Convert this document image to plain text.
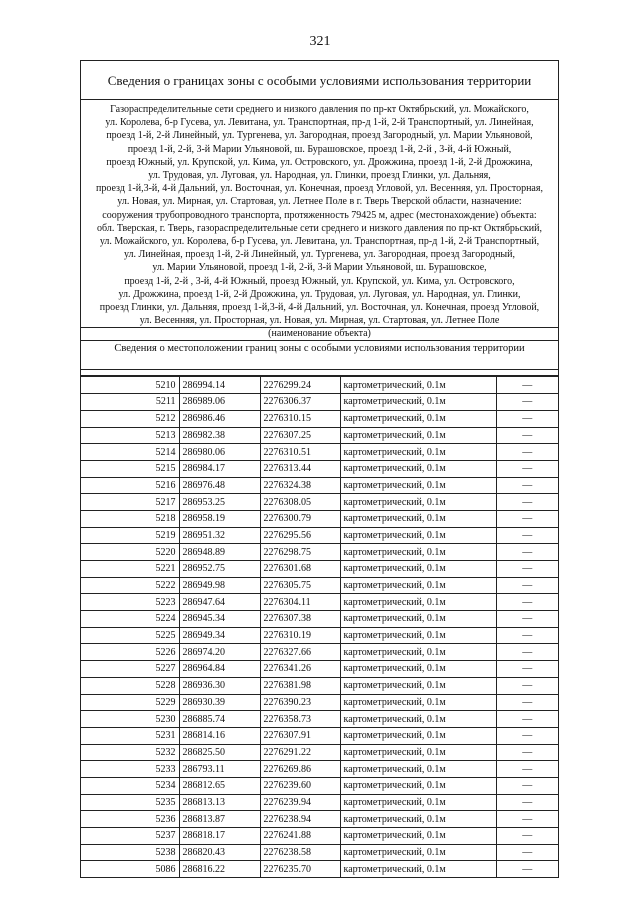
321
Сведения о границах зоны с особыми условиями использования территории
Газораспределительные сети среднего и низкого давления по пр-кт Октябрьский, ул. Можайского,
ул. Королева, б-р Гусева, ул. Левитана, ул. Транспортная, пр-д 1-й, 2-й Транспортный, ул. Линейная,
проезд 1-й, 2-й Линейный, ул. Тургенева, ул. Загородная, проезд Загородный, ул. Марии Ульяновой,
проезд 1-й, 2-й, 3-й Марии Ульяновой, ш. Бурашовское, проезд 1-й, 2-й , 3-й, 4-й Южный,
проезд Южный, ул. Крупской, ул. Кима, ул. Островского, ул. Дрожжина, проезд 1-й, 2-й Дрожжина,
ул. Трудовая, ул. Луговая, ул. Народная, ул. Глинки, проезд Глинки, ул. Дальняя,
проезд 1-й,3-й, 4-й Дальний, ул. Восточная, ул. Конечная, проезд Угловой, ул. Весенняя, ул. Просторная,
ул. Новая, ул. Мирная, ул. Стартовая, ул. Летнее Поле в г. Тверь Тверской области, назначение:
сооружения трубопроводного транспорта, протяженность 79425 м, адрес (местонахождение) объекта:
обл. Тверская, г. Тверь, газораспределительные сети среднего и низкого давления по пр-кт Октябрьский,
ул. Можайского, ул. Королева, б-р Гусева, ул. Левитана, ул. Транспортная, пр-д 1-й, 2-й Транспортный,
ул. Линейная, проезд 1-й, 2-й Линейный, ул. Тургенева, ул. Загородная, проезд Загородный,
ул. Марии Ульяновой, проезд 1-й, 2-й, 3-й Марии Ульяновой, ш. Бурашовское,
проезд 1-й, 2-й , 3-й, 4-й Южный, проезд Южный, ул. Крупской, ул. Кима, ул. Островского,
ул. Дрожжина, проезд 1-й, 2-й Дрожжина, ул. Трудовая, ул. Луговая, ул. Народная, ул. Глинки,
проезд Глинки, ул. Дальняя, проезд 1-й,3-й, 4-й Дальний, ул. Восточная, ул. Конечная, проезд Угловой,
ул. Весенняя, ул. Просторная, ул. Новая, ул. Мирная, ул. Стартовая, ул. Летнее Поле
(наименование объекта)
Сведения о местоположении границ зоны с особыми условиями использования территории
5210	286994.14	2276299.24	картометрический, 0.1м	—
5211	286989.06	2276306.37	картометрический, 0.1м	—
5212	286986.46	2276310.15	картометрический, 0.1м	—
5213	286982.38	2276307.25	картометрический, 0.1м	—
5214	286980.06	2276310.51	картометрический, 0.1м	—
5215	286984.17	2276313.44	картометрический, 0.1м	—
5216	286976.48	2276324.38	картометрический, 0.1м	—
5217	286953.25	2276308.05	картометрический, 0.1м	—
5218	286958.19	2276300.79	картометрический, 0.1м	—
5219	286951.32	2276295.56	картометрический, 0.1м	—
5220	286948.89	2276298.75	картометрический, 0.1м	—
5221	286952.75	2276301.68	картометрический, 0.1м	—
5222	286949.98	2276305.75	картометрический, 0.1м	—
5223	286947.64	2276304.11	картометрический, 0.1м	—
5224	286945.34	2276307.38	картометрический, 0.1м	—
5225	286949.34	2276310.19	картометрический, 0.1м	—
5226	286974.20	2276327.66	картометрический, 0.1м	—
5227	286964.84	2276341.26	картометрический, 0.1м	—
5228	286936.30	2276381.98	картометрический, 0.1м	—
5229	286930.39	2276390.23	картометрический, 0.1м	—
5230	286885.74	2276358.73	картометрический, 0.1м	—
5231	286814.16	2276307.91	картометрический, 0.1м	—
5232	286825.50	2276291.22	картометрический, 0.1м	—
5233	286793.11	2276269.86	картометрический, 0.1м	—
5234	286812.65	2276239.60	картометрический, 0.1м	—
5235	286813.13	2276239.94	картометрический, 0.1м	—
5236	286813.87	2276238.94	картометрический, 0.1м	—
5237	286818.17	2276241.88	картометрический, 0.1м	—
5238	286820.43	2276238.58	картометрический, 0.1м	—
5086	286816.22	2276235.70	картометрический, 0.1м	—
